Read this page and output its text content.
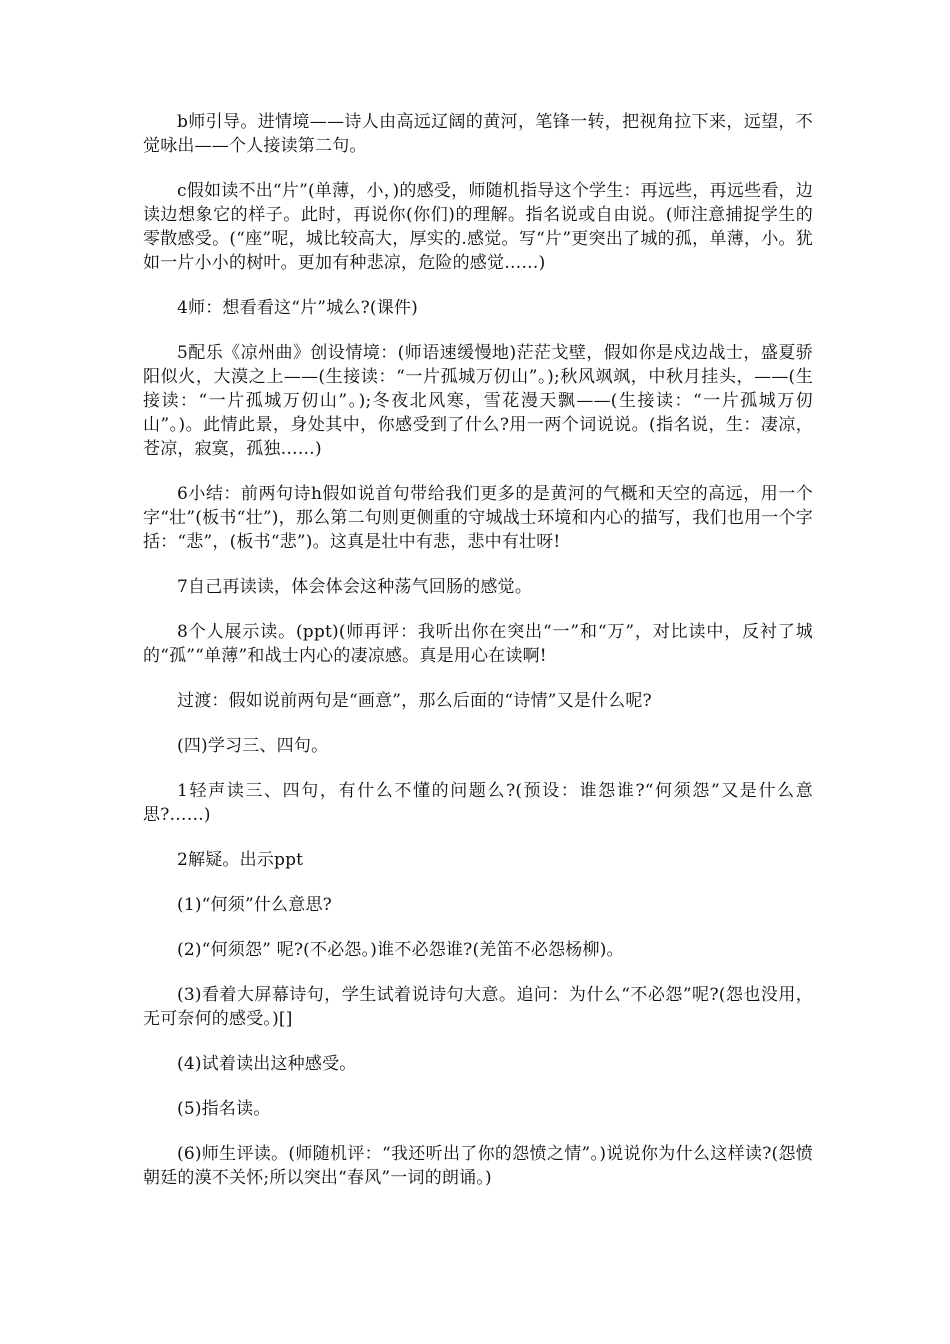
b师引导。进情境——诗人由高远辽阔的黄河，笔锋一转，把视角拉下来，远望，不觉咏出——个人接读第二句。

c假如读不出“片”(单薄，小，)的感受，师随机指导这个学生：再远些，再远些看，边读边想象它的样子。此时，再说你(你们)的理解。指名说或自由说。(师注意捕捉学生的零散感受。(“座”呢，城比较高大，厚实的.感觉。写“片”更突出了城的孤，单薄，小。犹如一片小小的树叶。更加有种悲凉，危险的感觉……)

4师：想看看这“片”城么?(课件)

5配乐《凉州曲》创设情境：(师语速缓慢地)茫茫戈壁，假如你是戍边战士，盛夏骄阳似火，大漠之上——(生接读：“一片孤城万仞山”。);秋风飒飒，中秋月挂头，——(生接读：“一片孤城万仞山”。);冬夜北风寒，雪花漫天飘——(生接读：“一片孤城万仞山”。)。此情此景，身处其中，你感受到了什么?用一两个词说说。(指名说，生：凄凉，苍凉，寂寞，孤独……)

6小结：前两句诗h假如说首句带给我们更多的是黄河的气概和天空的高远，用一个字“壮”(板书“壮”)，那么第二句则更侧重的守城战士环境和内心的描写，我们也用一个字括：“悲”，(板书“悲”)。这真是壮中有悲，悲中有壮呀!

7自己再读读，体会体会这种荡气回肠的感觉。

8个人展示读。(ppt)(师再评：我听出你在突出“一”和“万”，对比读中，反衬了城的“孤”“单薄”和战士内心的凄凉感。真是用心在读啊!

过渡：假如说前两句是“画意”，那么后面的“诗情”又是什么呢?

(四)学习三、四句。

1轻声读三、四句，有什么不懂的问题么?(预设：谁怨谁?“何须怨”又是什么意思?……)

2解疑。出示ppt

(1)“何须”什么意思?

(2)“何须怨” 呢?(不必怨。)谁不必怨谁?(羌笛不必怨杨柳)。

(3)看着大屏幕诗句，学生试着说诗句大意。追问：为什么“不必怨”呢?(怨也没用，无可奈何的感受。)[]

(4)试着读出这种感受。

(5)指名读。

(6)师生评读。(师随机评：“我还听出了你的怨愤之情”。)说说你为什么这样读?(怨愤朝廷的漠不关怀;所以突出“春风”一词的朗诵。)
